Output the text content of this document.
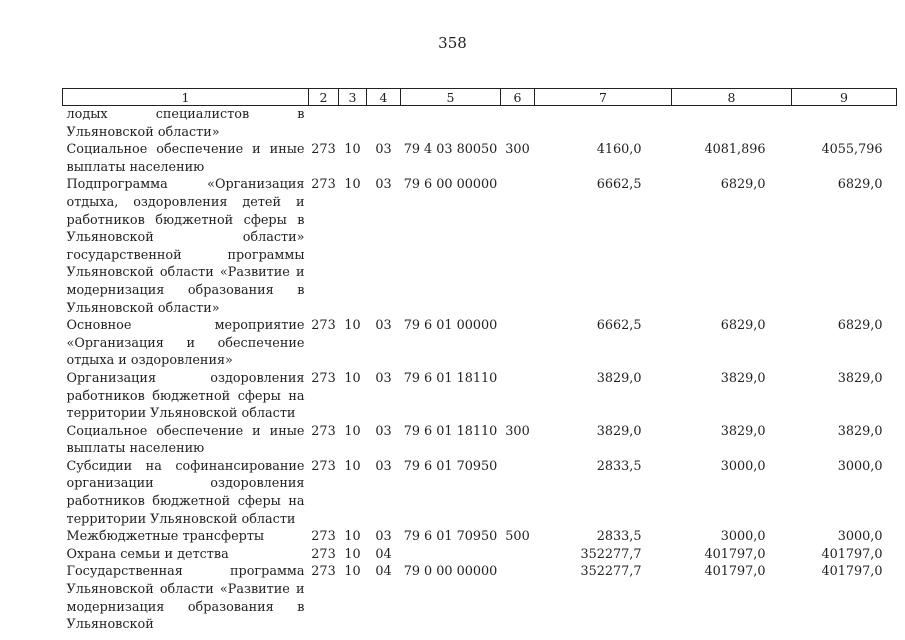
358
1	2	3	4	5	6	7	8	9
лодых специалистов в Ульяновской области»								
Социальное обеспечение и иные выплаты населению	273	10	03	79 4 03 80050	300	4160,0	4081,896	4055,796
Подпрограмма «Организация отдыха, оздоровления детей и работников бюджетной сферы в Ульяновской области» государственной программы Ульяновской области «Развитие и модернизация образования в Ульяновской области»	273	10	03	79 6 00 00000		6662,5	6829,0	6829,0
Основное мероприятие «Организация и обеспечение отдыха и оздоровления»	273	10	03	79 6 01 00000		6662,5	6829,0	6829,0
Организация оздоровления работников бюджетной сферы на территории Ульяновской области	273	10	03	79 6 01 18110		3829,0	3829,0	3829,0
Социальное обеспечение и иные выплаты населению	273	10	03	79 6 01 18110	300	3829,0	3829,0	3829,0
Субсидии на софинансирование организации оздоровления работников бюджетной сферы на территории Ульяновской области	273	10	03	79 6 01 70950		2833,5	3000,0	3000,0
Межбюджетные трансферты	273	10	03	79 6 01 70950	500	2833,5	3000,0	3000,0
Охрана семьи и детства	273	10	04			352277,7	401797,0	401797,0
Государственная программа Ульяновской области «Развитие и модернизация образования в Ульяновской	273	10	04	79 0 00 00000		352277,7	401797,0	401797,0
